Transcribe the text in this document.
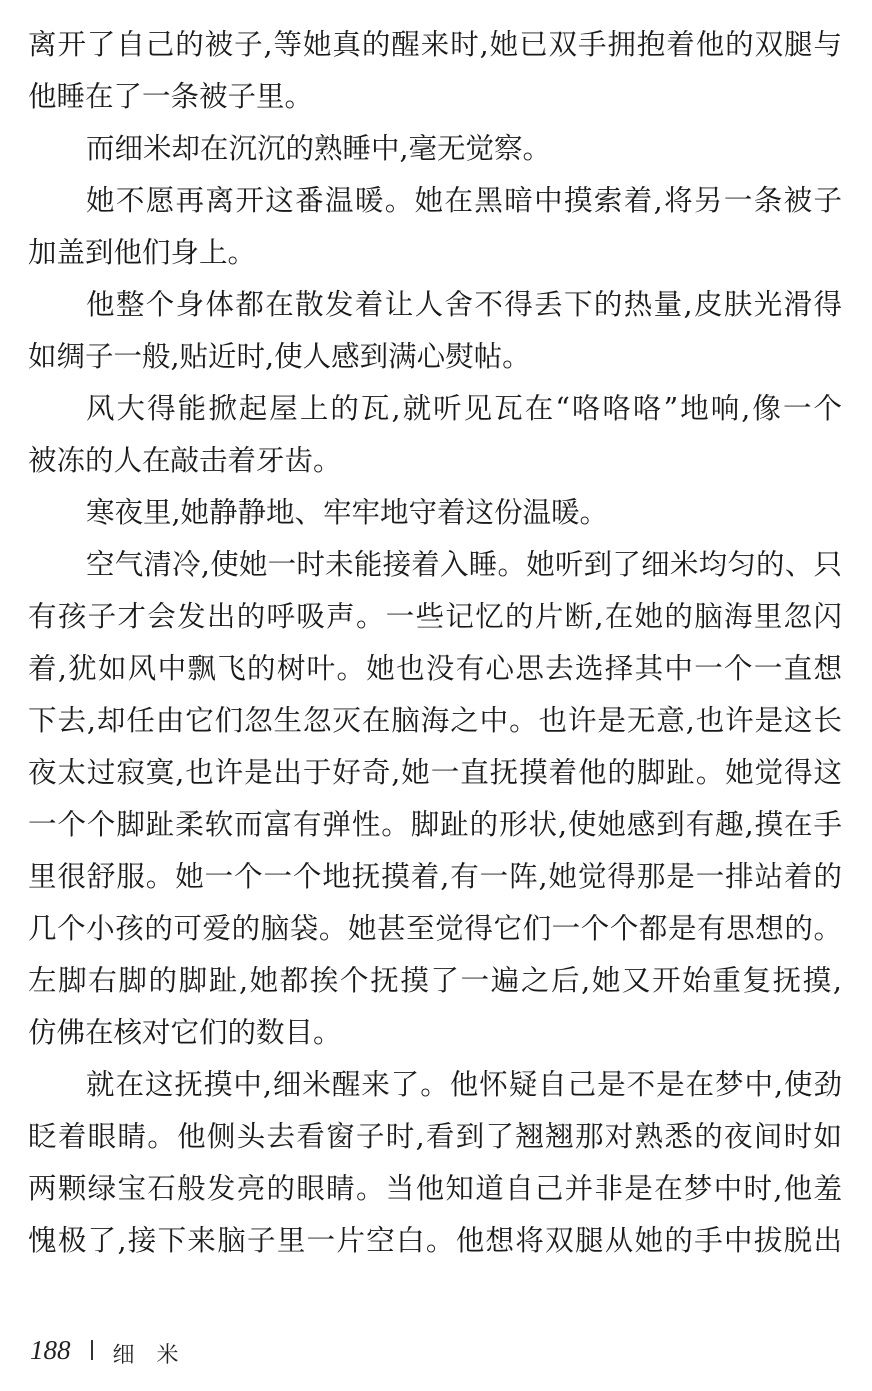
离开了自己的被子,等她真的醒来时,她已双手拥抱着他的双腿与
他睡在了一条被子里。
而细米却在沉沉的熟睡中,毫无觉察。
她不愿再离开这番温暖。她在黑暗中摸索着,将另一条被子
加盖到他们身上。
他整个身体都在散发着让人舍不得丢下的热量,皮肤光滑得
如绸子一般,贴近时,使人感到满心熨帖。
风大得能掀起屋上的瓦,就听见瓦在“咯咯咯”地响,像一个
被冻的人在敲击着牙齿。
寒夜里,她静静地、牢牢地守着这份温暖。
空气清冷,使她一时未能接着入睡。她听到了细米均匀的、只
有孩子才会发出的呼吸声。一些记忆的片断,在她的脑海里忽闪
着,犹如风中飘飞的树叶。她也没有心思去选择其中一个一直想
下去,却任由它们忽生忽灭在脑海之中。也许是无意,也许是这长
夜太过寂寞,也许是出于好奇,她一直抚摸着他的脚趾。她觉得这
一个个脚趾柔软而富有弹性。脚趾的形状,使她感到有趣,摸在手
里很舒服。她一个一个地抚摸着,有一阵,她觉得那是一排站着的
几个小孩的可爱的脑袋。她甚至觉得它们一个个都是有思想的。
左脚右脚的脚趾,她都挨个抚摸了一遍之后,她又开始重复抚摸,
仿佛在核对它们的数目。
就在这抚摸中,细米醒来了。他怀疑自己是不是在梦中,使劲
眨着眼睛。他侧头去看窗子时,看到了翘翘那对熟悉的夜间时如
两颗绿宝石般发亮的眼睛。当他知道自己并非是在梦中时,他羞
愧极了,接下来脑子里一片空白。他想将双腿从她的手中拔脱出
188 细米
